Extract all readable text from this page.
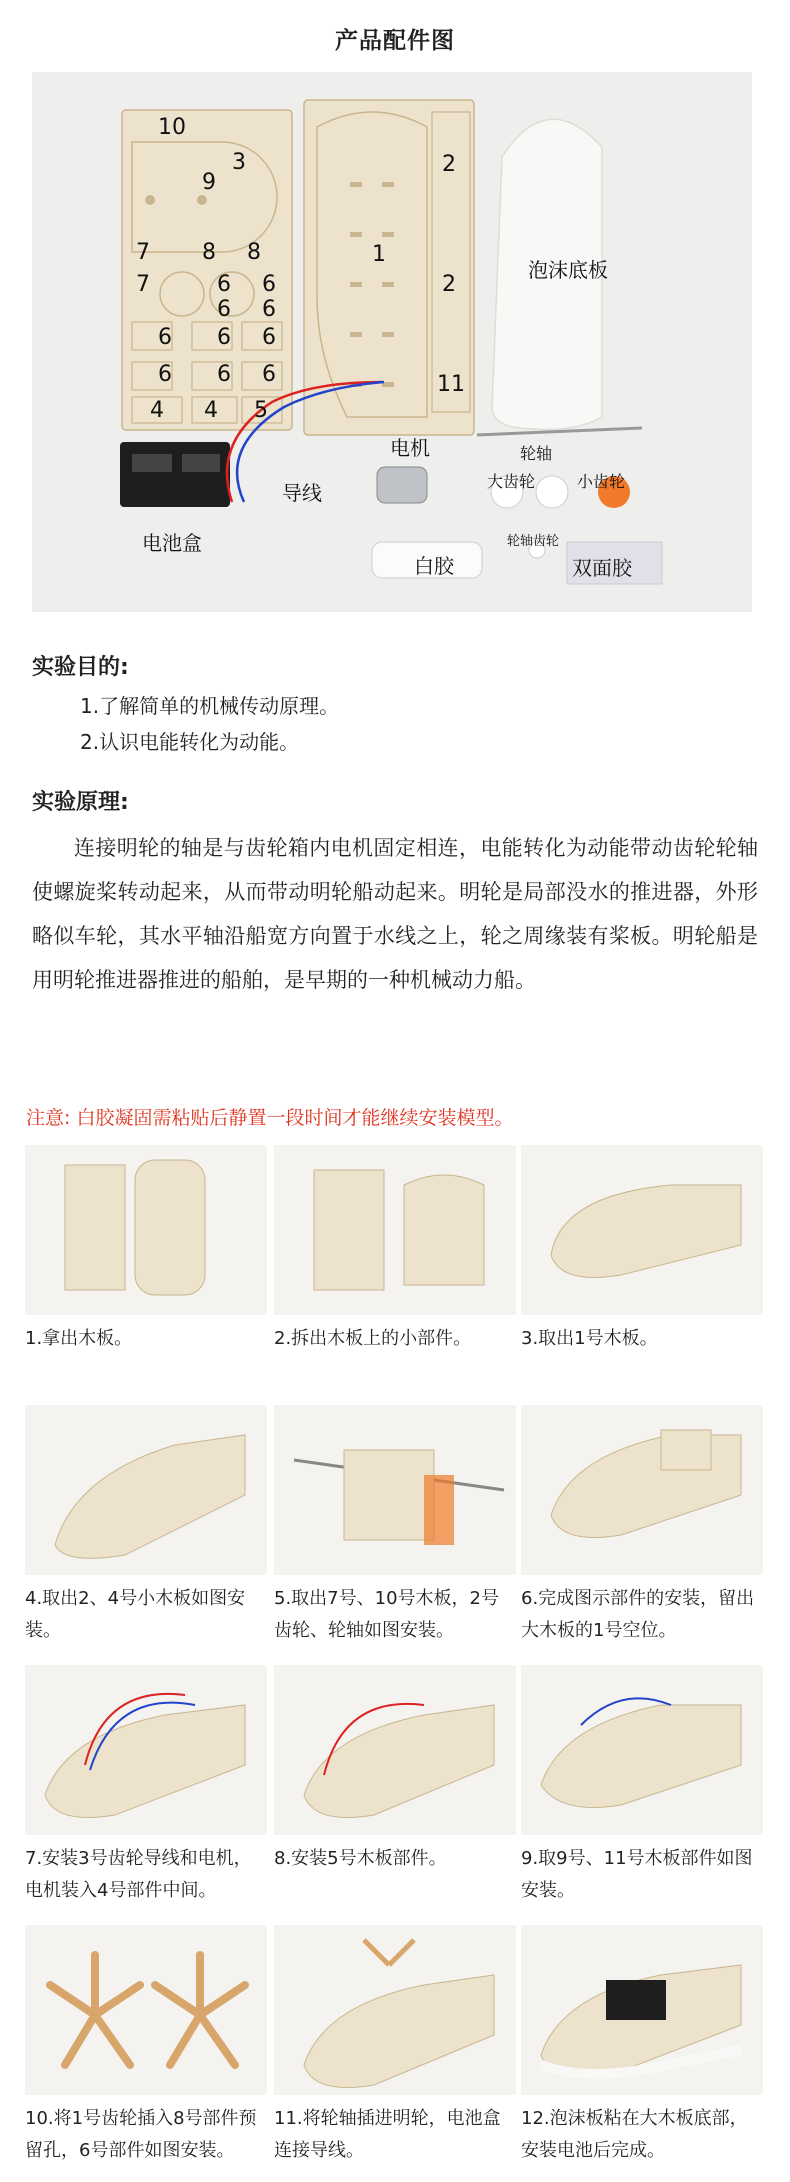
产品配件图
10
3
9
7 8 8
7	6 6
6 6
6 6 6
6 6 6
4 4 5
1
2
2
11
泡沫底板
电机	轮轴
大齿轮	小齿轮
导线
电池盒
白胶
轮轴齿轮
双面胶
实验目的:
1.了解简单的机械传动原理。
2.认识电能转化为动能。
实验原理:
连接明轮的轴是与齿轮箱内电机固定相连，电能转化为动能带动齿轮轮轴使螺旋桨转动起来，从而带动明轮船动起来。明轮是局部没水的推进器，外形略似车轮，其水平轴沿船宽方向置于水线之上，轮之周缘装有桨板。明轮船是用明轮推进器推进的船舶，是早期的一种机械动力船。
注意: 白胶凝固需粘贴后静置一段时间才能继续安装模型。
1.拿出木板。	2.拆出木板上的小部件。	3.取出1号木板。
4.取出2、4号小木板如图安装。
5.取出7号、10号木板，2号齿轮、轮轴如图安装。
6.完成图示部件的安装，留出大木板的1号空位。
7.安装3号齿轮导线和电机，电机装入4号部件中间。
8.安装5号木板部件。	9.取9号、11号木板部件如图安装。
10.将1号齿轮插入8号部件预留孔，6号部件如图安装。
11.将轮轴插进明轮，电池盒连接导线。
12.泡沫板粘在大木板底部，安装电池后完成。
